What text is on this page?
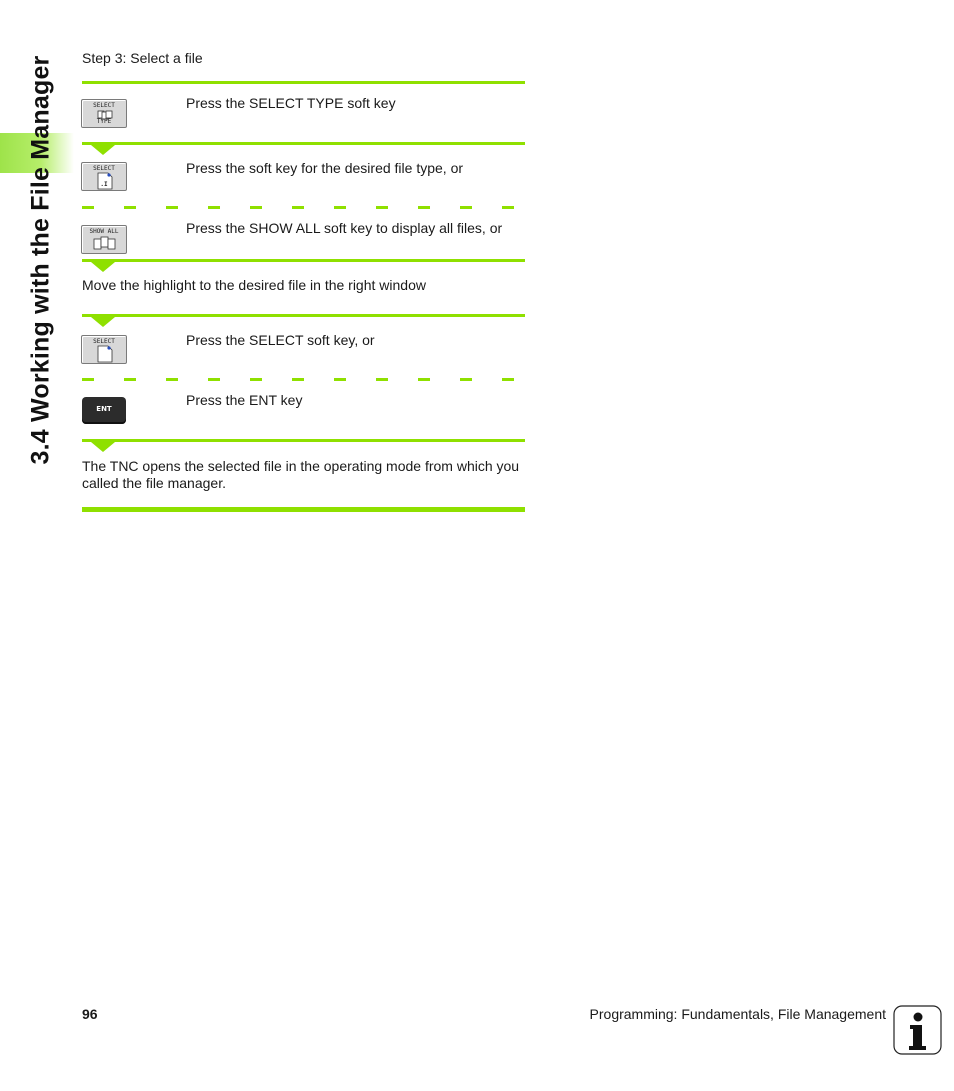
3.4 Working with the File Manager Step 3: Select a file
SELECT
TYPE
Press the SELECT TYPE soft key
SELECT
.I
Press the soft key for the desired file type, or
SHOW ALL	Press the SHOW ALL soft key to display all files, or
Move the highlight to the desired file in the right window
SELECT	Press the SELECT soft key, or
ENT
Press the ENT key
The TNC opens the selected file in the operating mode from which you called the file manager.
96	Programming: Fundamentals, File Management
